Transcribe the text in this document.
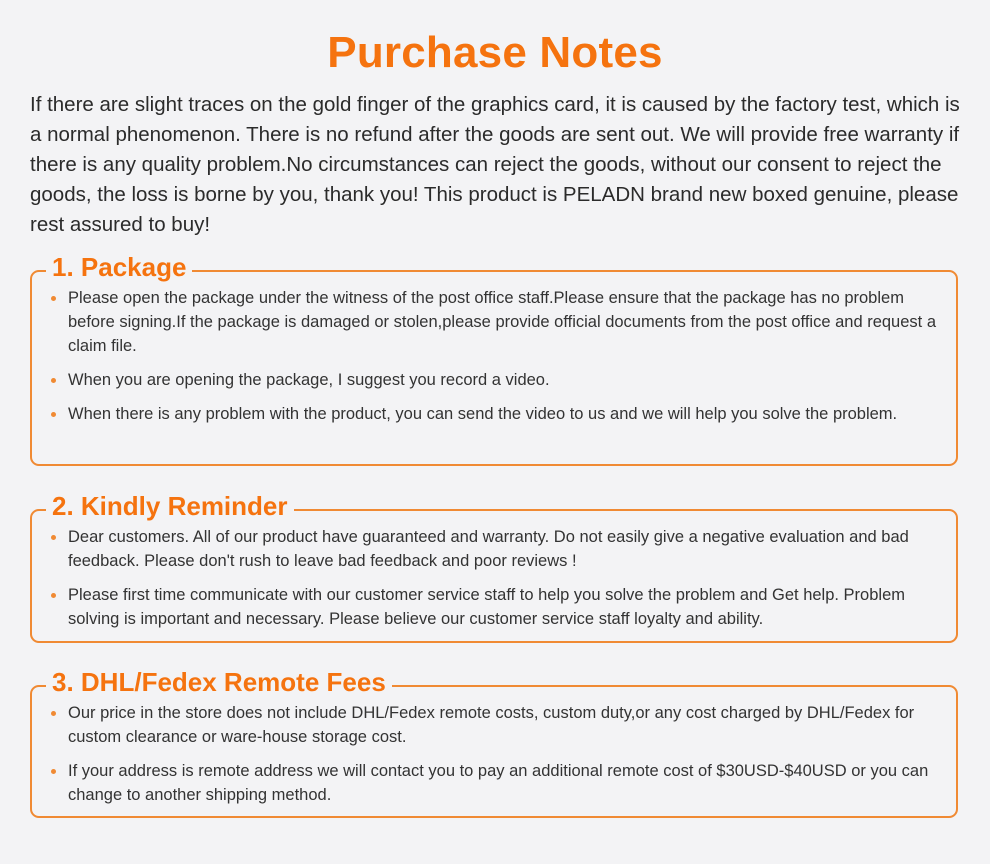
Purchase Notes
If there are slight traces on the gold finger of the graphics card, it is caused by the factory test, which is a normal phenomenon. There is no refund after the goods are sent out. We will provide free warranty if there is any quality problem.No circumstances can reject the goods, without our consent to reject the goods, the loss is borne by you, thank you! This product is PELADN brand new boxed genuine, please rest assured to buy!
1. Package
Please open the package under the witness of the post office staff.Please ensure that the package has no problem before signing.If the package is damaged or stolen,please provide official documents from the post office and request a claim file.
When you are opening the package, I suggest you record a video.
When there is any problem with the product, you can send the video to us and we will help you solve the problem.
2. Kindly Reminder
Dear customers. All of our product have guaranteed and warranty. Do not easily give a negative evaluation and bad feedback. Please don't rush to leave bad feedback and poor reviews !
Please first time communicate with our customer service staff to help you solve the problem and Get help. Problem solving is important and necessary. Please believe our customer service staff loyalty and ability.
3. DHL/Fedex Remote Fees
Our price in the store does not include DHL/Fedex remote costs, custom duty,or any cost charged by DHL/Fedex for custom clearance or ware-house storage cost.
If your address is remote address we will contact you to pay an additional remote cost of $30USD-$40USD or you can change to another shipping method.
